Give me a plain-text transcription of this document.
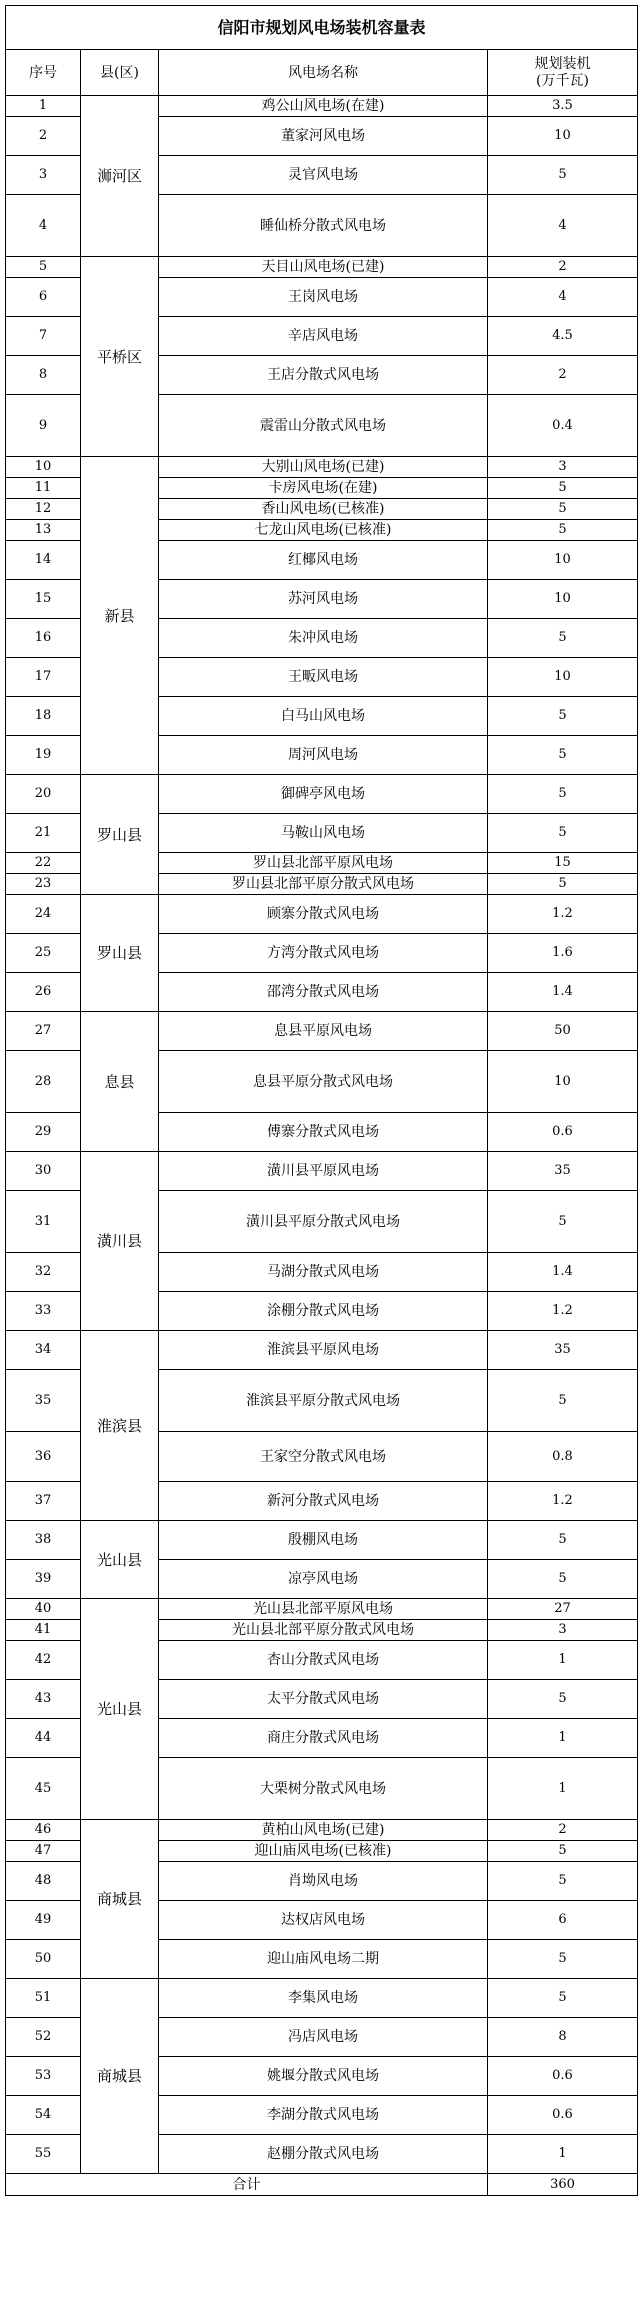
信阳市规划风电场装机容量表			
序号	县(区)	风电场名称	规划装机
(万千瓦)
1	浉河区	鸡公山风电场(在建)	3.5
2		董家河风电场	10
3		灵官风电场	5
4		睡仙桥分散式风电场	4
5	平桥区	天目山风电场(已建)	2
6		王岗风电场	4
7		辛店风电场	4.5
8		王店分散式风电场	2
9		震雷山分散式风电场	0.4
10	新县	大别山风电场(已建)	3
11		卡房风电场(在建)	5
12		香山风电场(已核准)	5
13		七龙山风电场(已核准)	5
14		红椰风电场	10
15		苏河风电场	10
16		朱冲风电场	5
17		王畈风电场	10
18		白马山风电场	5
19		周河风电场	5
20	罗山县	御碑亭风电场	5
21		马鞍山风电场	5
22		罗山县北部平原风电场	15
23		罗山县北部平原分散式风电场	5
24	罗山县	顾寨分散式风电场	1.2
25		方湾分散式风电场	1.6
26		邵湾分散式风电场	1.4
27	息县	息县平原风电场	50
28		息县平原分散式风电场	10
29		傅寨分散式风电场	0.6
30	潢川县	潢川县平原风电场	35
31		潢川县平原分散式风电场	5
32		马湖分散式风电场	1.4
33		涂棚分散式风电场	1.2
34	淮滨县	淮滨县平原风电场	35
35		淮滨县平原分散式风电场	5
36		王家空分散式风电场	0.8
37		新河分散式风电场	1.2
38	光山县	殷棚风电场	5
39		凉亭风电场	5
40	光山县	光山县北部平原风电场	27
41		光山县北部平原分散式风电场	3
42		杏山分散式风电场	1
43		太平分散式风电场	5
44		商庄分散式风电场	1
45		大栗树分散式风电场	1
46	商城县	黄柏山风电场(已建)	2
47		迎山庙风电场(已核准)	5
48		肖坳风电场	5
49		达权店风电场	6
50		迎山庙风电场二期	5
51	商城县	李集风电场	5
52		冯店风电场	8
53		姚堰分散式风电场	0.6
54		李湖分散式风电场	0.6
55		赵棚分散式风电场	1
合计			360
